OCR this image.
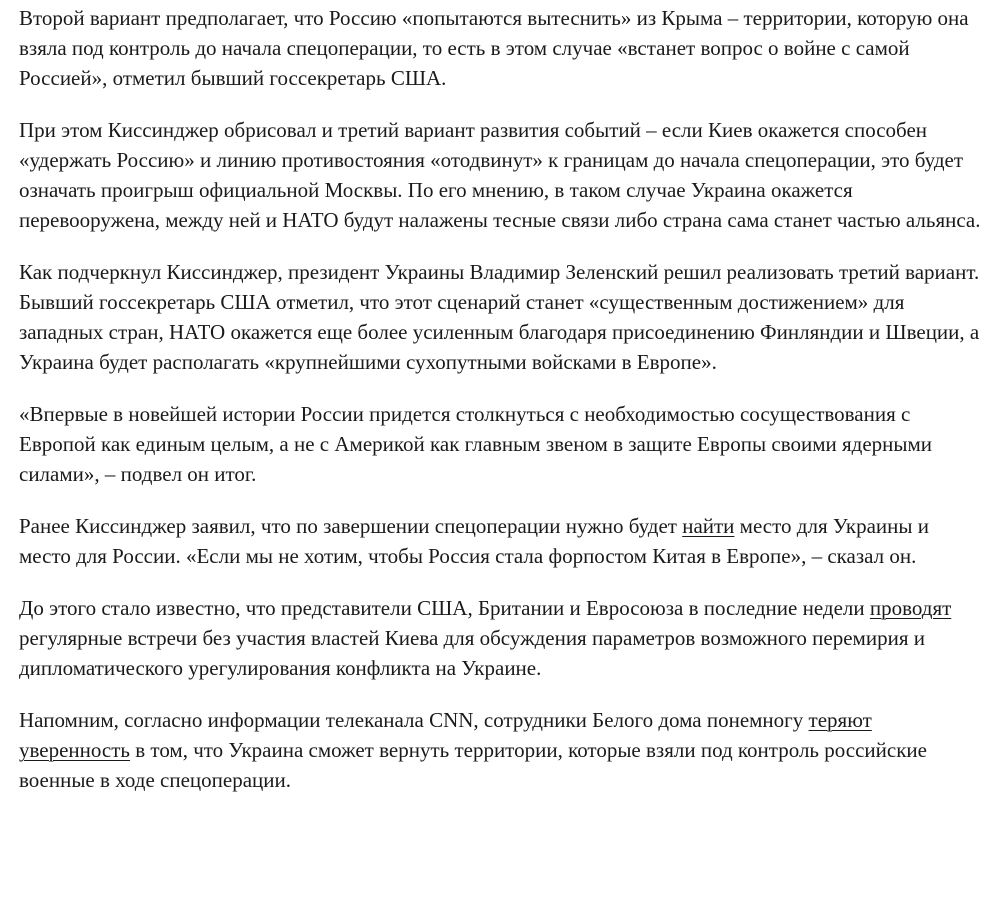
Второй вариант предполагает, что Россию «попытаются вытеснить» из Крыма – территории, которую она взяла под контроль до начала спецоперации, то есть в этом случае «встанет вопрос о войне с самой Россией», отметил бывший госсекретарь США.

При этом Киссинджер обрисовал и третий вариант развития событий – если Киев окажется способен «удержать Россию» и линию противостояния «отодвинут» к границам до начала спецоперации, это будет означать проигрыш официальной Москвы. По его мнению, в таком случае Украина окажется перевооружена, между ней и НАТО будут налажены тесные связи либо страна сама станет частью альянса.

Как подчеркнул Киссинджер, президент Украины Владимир Зеленский решил реализовать третий вариант. Бывший госсекретарь США отметил, что этот сценарий станет «существенным достижением» для западных стран, НАТО окажется еще более усиленным благодаря присоединению Финляндии и Швеции, а Украина будет располагать «крупнейшими сухопутными войсками в Европе».

«Впервые в новейшей истории России придется столкнуться с необходимостью сосуществования с Европой как единым целым, а не с Америкой как главным звеном в защите Европы своими ядерными силами», – подвел он итог.

Ранее Киссинджер заявил, что по завершении спецоперации нужно будет найти место для Украины и место для России. «Если мы не хотим, чтобы Россия стала форпостом Китая в Европе», – сказал он.

До этого стало известно, что представители США, Британии и Евросоюза в последние недели проводят регулярные встречи без участия властей Киева для обсуждения параметров возможного перемирия и дипломатического урегулирования конфликта на Украине.

Напомним, согласно информации телеканала CNN, сотрудники Белого дома понемногу теряют уверенность в том, что Украина сможет вернуть территории, которые взяли под контроль российские военные в ходе спецоперации.
